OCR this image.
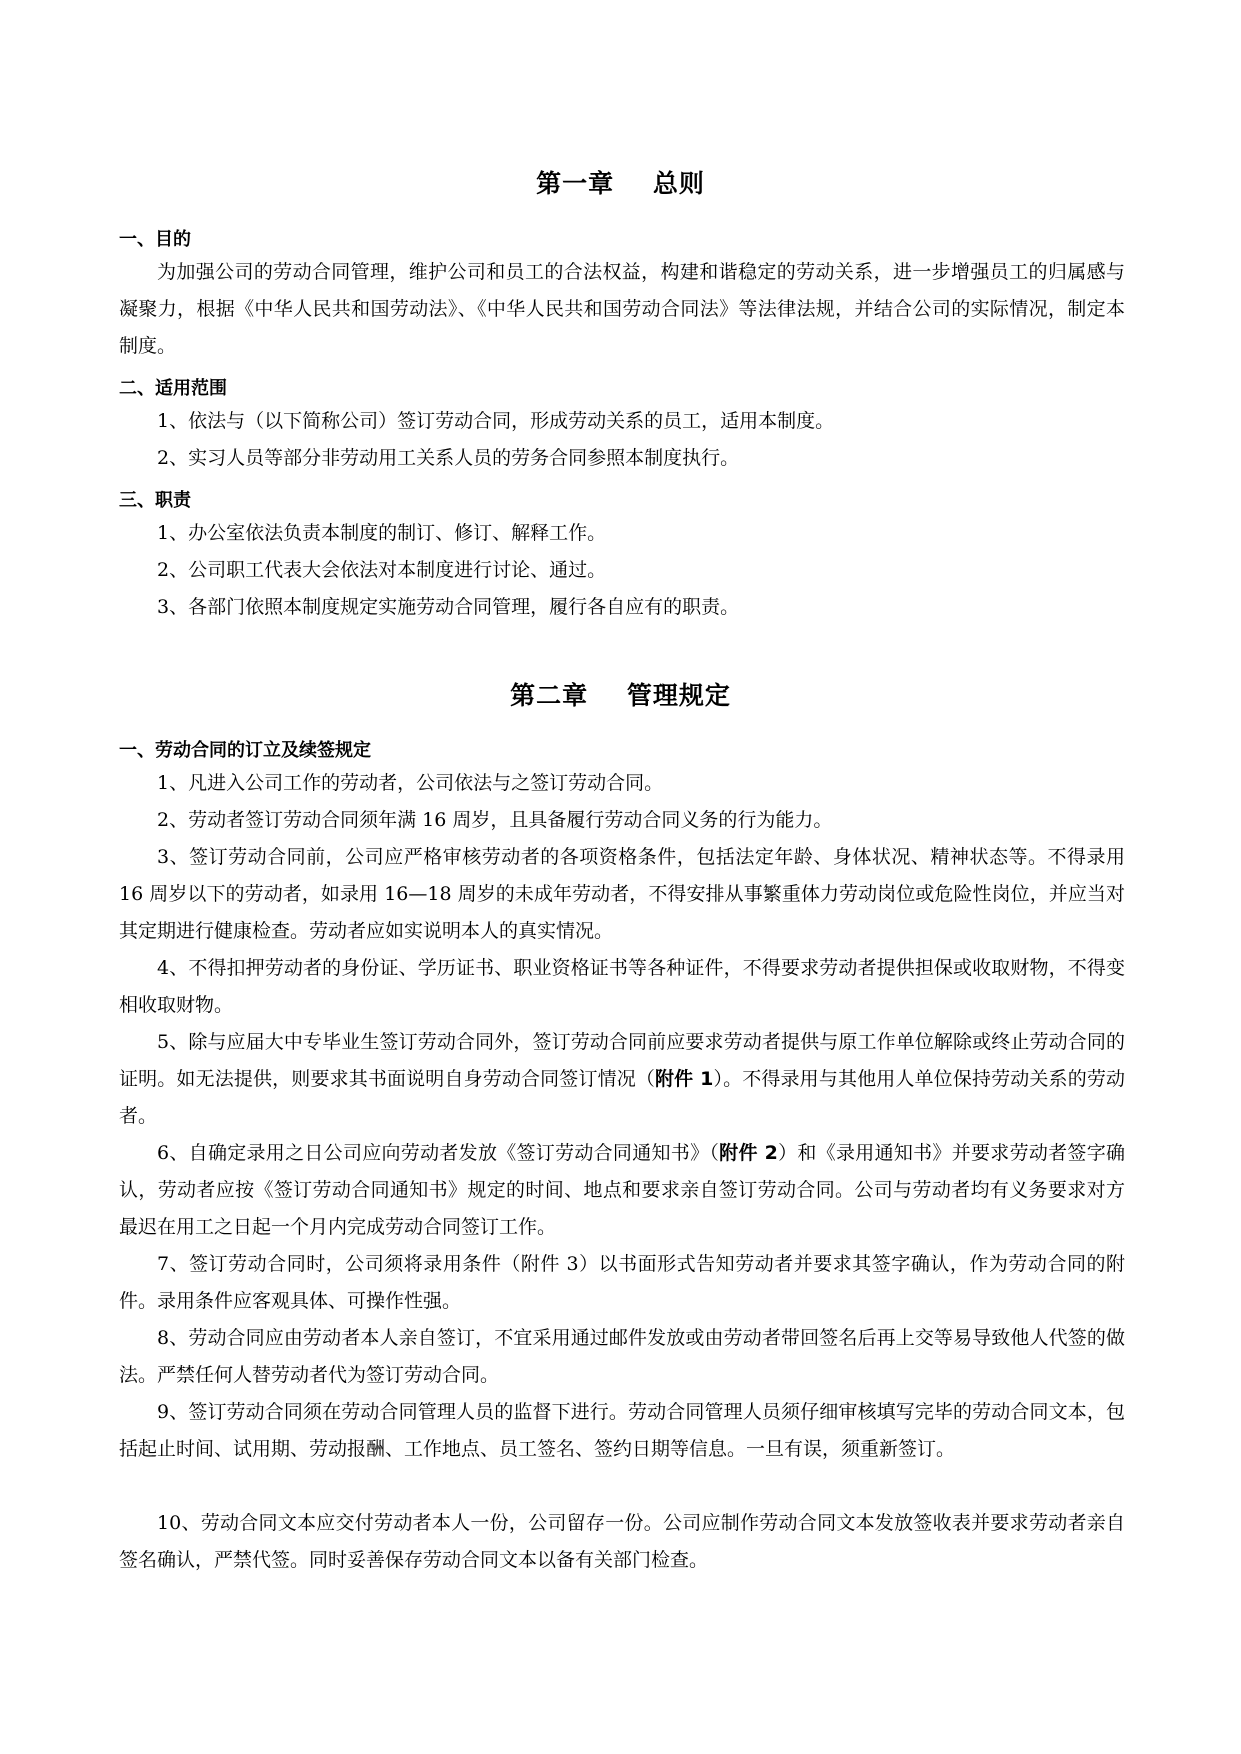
第一章    总则
一、目的
为加强公司的劳动合同管理，维护公司和员工的合法权益，构建和谐稳定的劳动关系，进一步增强员工的归属感与凝聚力，根据《中华人民共和国劳动法》、《中华人民共和国劳动合同法》等法律法规，并结合公司的实际情况，制定本制度。
二、适用范围
1、依法与（以下简称公司）签订劳动合同，形成劳动关系的员工，适用本制度。
2、实习人员等部分非劳动用工关系人员的劳务合同参照本制度执行。
三、职责
1、办公室依法负责本制度的制订、修订、解释工作。
2、公司职工代表大会依法对本制度进行讨论、通过。
3、各部门依照本制度规定实施劳动合同管理，履行各自应有的职责。
第二章    管理规定
一、劳动合同的订立及续签规定
1、凡进入公司工作的劳动者，公司依法与之签订劳动合同。
2、劳动者签订劳动合同须年满 16 周岁，且具备履行劳动合同义务的行为能力。
3、签订劳动合同前，公司应严格审核劳动者的各项资格条件，包括法定年龄、身体状况、精神状态等。不得录用 16 周岁以下的劳动者，如录用 16—18 周岁的未成年劳动者，不得安排从事繁重体力劳动岗位或危险性岗位，并应当对其定期进行健康检查。劳动者应如实说明本人的真实情况。
4、不得扣押劳动者的身份证、学历证书、职业资格证书等各种证件，不得要求劳动者提供担保或收取财物，不得变相收取财物。
5、除与应届大中专毕业生签订劳动合同外，签订劳动合同前应要求劳动者提供与原工作单位解除或终止劳动合同的证明。如无法提供，则要求其书面说明自身劳动合同签订情况（附件 1）。不得录用与其他用人单位保持劳动关系的劳动者。
6、自确定录用之日公司应向劳动者发放《签订劳动合同通知书》（附件 2）和《录用通知书》并要求劳动者签字确认，劳动者应按《签订劳动合同通知书》规定的时间、地点和要求亲自签订劳动合同。公司与劳动者均有义务要求对方最迟在用工之日起一个月内完成劳动合同签订工作。
7、签订劳动合同时，公司须将录用条件（附件 3）以书面形式告知劳动者并要求其签字确认，作为劳动合同的附件。录用条件应客观具体、可操作性强。
8、劳动合同应由劳动者本人亲自签订，不宜采用通过邮件发放或由劳动者带回签名后再上交等易导致他人代签的做法。严禁任何人替劳动者代为签订劳动合同。
9、签订劳动合同须在劳动合同管理人员的监督下进行。劳动合同管理人员须仔细审核填写完毕的劳动合同文本，包括起止时间、试用期、劳动报酬、工作地点、员工签名、签约日期等信息。一旦有误，须重新签订。
10、劳动合同文本应交付劳动者本人一份，公司留存一份。公司应制作劳动合同文本发放签收表并要求劳动者亲自签名确认，严禁代签。同时妥善保存劳动合同文本以备有关部门检查。
